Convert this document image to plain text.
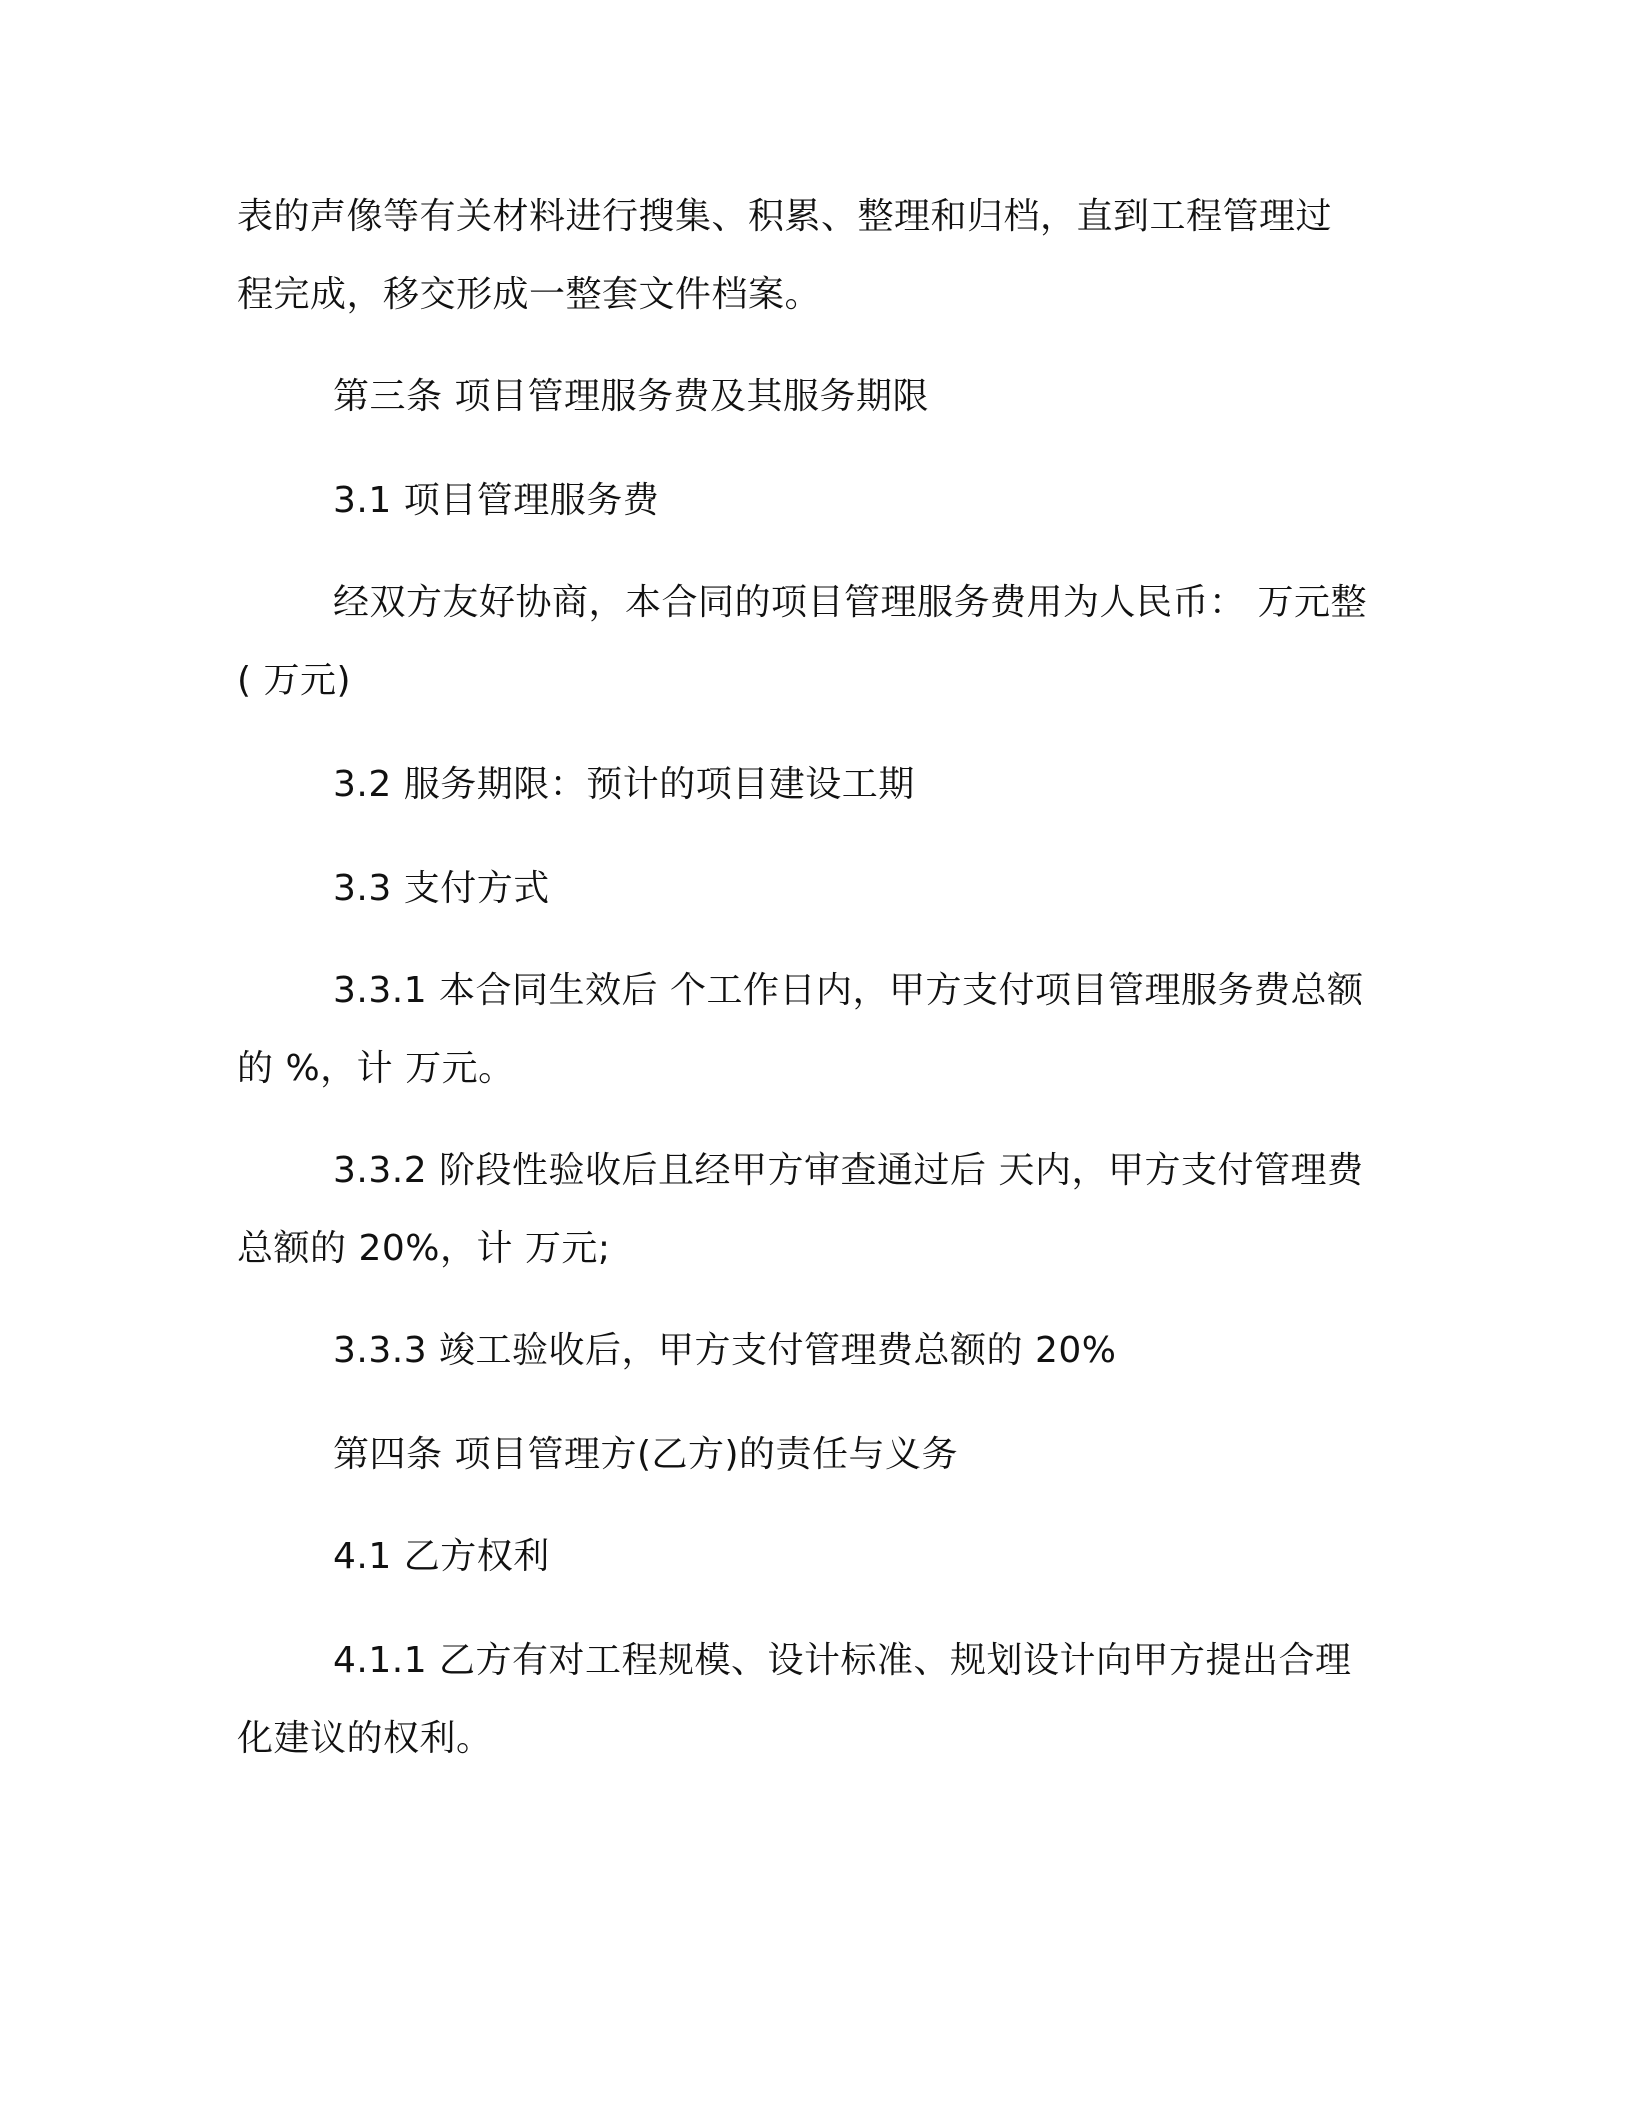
表的声像等有关材料进行搜集、积累、整理和归档，直到工程管理过
程完成，移交形成一整套文件档案。

第三条 项目管理服务费及其服务期限

3.1 项目管理服务费

经双方友好协商，本合同的项目管理服务费用为人民币： 万元整
( 万元)

3.2 服务期限：预计的项目建设工期

3.3 支付方式

3.3.1 本合同生效后 个工作日内，甲方支付项目管理服务费总额
的 %，计 万元。

3.3.2 阶段性验收后且经甲方审查通过后 天内，甲方支付管理费
总额的 20%，计 万元;

3.3.3 竣工验收后，甲方支付管理费总额的 20%

第四条 项目管理方(乙方)的责任与义务

4.1 乙方权利

4.1.1 乙方有对工程规模、设计标准、规划设计向甲方提出合理
化建议的权利。
